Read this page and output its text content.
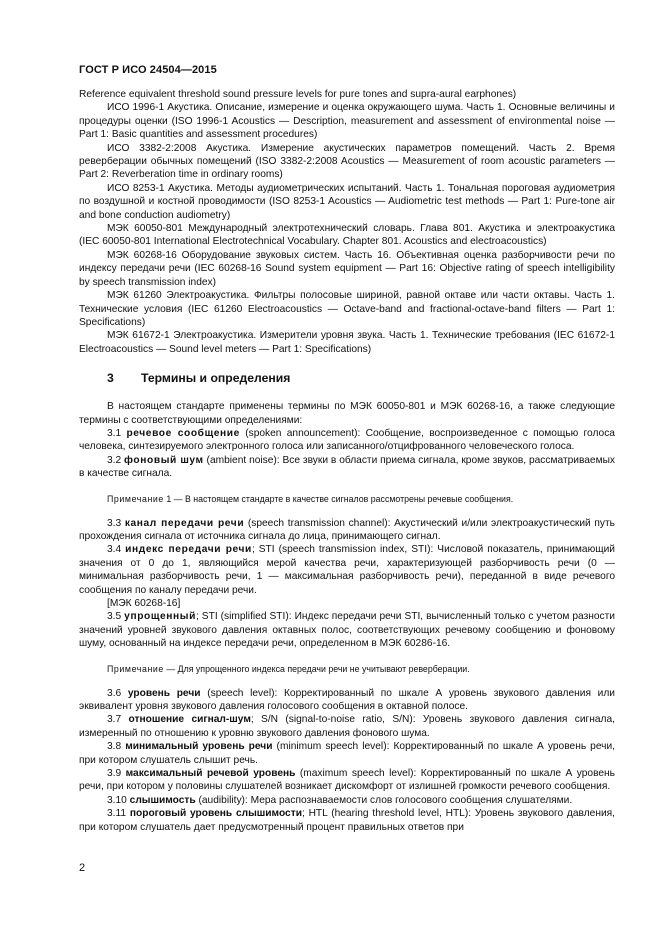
ГОСТ Р ИСО 24504—2015

Reference equivalent threshold sound pressure levels for pure tones and supra-aural earphones)

ИСО 1996-1 Акустика. Описание, измерение и оценка окружающего шума. Часть 1. Основные величины и процедуры оценки (ISO 1996-1 Acoustics — Description, measurement and assessment of environmental noise — Part 1: Basic quantities and assessment procedures)

ИСО 3382-2:2008 Акустика. Измерение акустических параметров помещений. Часть 2. Время реверберации обычных помещений (ISO 3382-2:2008 Acoustics — Measurement of room acoustic parameters — Part 2: Reverberation time in ordinary rooms)

ИСО 8253-1 Акустика. Методы аудиометрических испытаний. Часть 1. Тональная пороговая аудиометрия по воздушной и костной проводимости (ISO 8253-1 Acoustics — Audiometric test methods — Part 1: Pure-tone air and bone conduction audiometry)

МЭК 60050-801 Международный электротехнический словарь. Глава 801. Акустика и электроакустика (IEC 60050-801 International Electrotechnical Vocabulary. Chapter 801. Acoustics and electroacoustics)

МЭК 60268-16 Оборудование звуковых систем. Часть 16. Объективная оценка разборчивости речи по индексу передачи речи (IEC 60268-16 Sound system equipment — Part 16: Objective rating of speech intelligibility by speech transmission index)

МЭК 61260 Электроакустика. Фильтры полосовые шириной, равной октаве или части октавы. Часть 1. Технические условия (IEC 61260 Electroacoustics — Octave-band and fractional-octave-band filters — Part 1: Specifications)

МЭК 61672-1 Электроакустика. Измерители уровня звука. Часть 1. Технические требования (IEC 61672-1 Electroacoustics — Sound level meters — Part 1: Specifications)

3 Термины и определения

В настоящем стандарте применены термины по МЭК 60050-801 и МЭК 60268-16, а также следующие термины с соответствующими определениями:

3.1 речевое сообщение (spoken announcement): Сообщение, воспроизведенное с помощью голоса человека, синтезируемого электронного голоса или записанного/отцифрованного человеческого голоса.

3.2 фоновый шум (ambient noise): Все звуки в области приема сигнала, кроме звуков, рассматриваемых в качестве сигнала.

Примечание 1 — В настоящем стандарте в качестве сигналов рассмотрены речевые сообщения.

3.3 канал передачи речи (speech transmission channel): Акустический и/или электроакустический путь прохождения сигнала от источника сигнала до лица, принимающего сигнал.

3.4 индекс передачи речи; STI (speech transmission index, STI): Числовой показатель, принимающий значения от 0 до 1, являющийся мерой качества речи, характеризующей разборчивость речи (0 — минимальная разборчивость речи, 1 — максимальная разборчивость речи), переданной в виде речевого сообщения по каналу передачи речи.

[МЭК 60268-16]

3.5 упрощенный; STI (simplified STI): Индекс передачи речи STI, вычисленный только с учетом разности значений уровней звукового давления октавных полос, соответствующих речевому сообщению и фоновому шуму, основанный на индексе передачи речи, определенном в МЭК 60286-16.

Примечание — Для упрощенного индекса передачи речи не учитывают реверберации.

3.6 уровень речи (speech level): Корректированный по шкале А уровень звукового давления или эквивалент уровня звукового давления голосового сообщения в октавной полосе.

3.7 отношение сигнал-шум; S/N (signal-to-noise ratio, S/N): Уровень звукового давления сигнала, измеренный по отношению к уровню звукового давления фонового шума.

3.8 минимальный уровень речи (minimum speech level): Корректированный по шкале А уровень речи, при котором слушатель слышит речь.

3.9 максимальный речевой уровень (maximum speech level): Корректированный по шкале А уровень речи, при котором у половины слушателей возникает дискомфорт от излишней громкости речевого сообщения.

3.10 слышимость (audibility): Мера распознаваемости слов голосового сообщения слушателями.

3.11 пороговый уровень слышимости; HTL (hearing threshold level, HTL): Уровень звукового давления, при котором слушатель дает предусмотренный процент правильных ответов при

2
